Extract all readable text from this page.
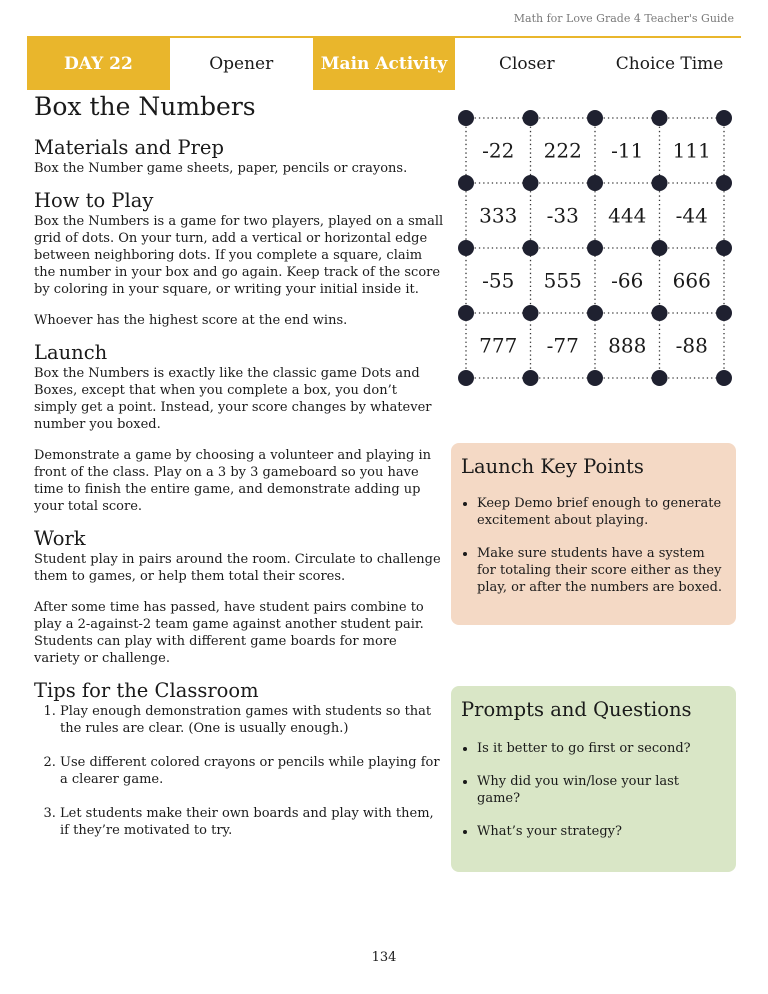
Math for Love Grade 4 Teacher's Guide
DAY 22	Opener	Main Activity	Closer	Choice Time
Box the Numbers
Materials and Prep

Box the Number game sheets, paper, pencils or crayons.

How to Play

Box the Numbers is a game for two players, played on a small grid of dots. On your turn, add a vertical or horizontal edge between neighboring dots. If you complete a square, claim the number in your box and go again. Keep track of the score by coloring in your square, or writing your initial inside it.

Whoever has the highest score at the end wins.

Launch

Box the Numbers is exactly like the classic game Dots and Boxes, except that when you complete a box, you don’t simply get a point. Instead, your score changes by whatever number you boxed.

Demonstrate a game by choosing a volunteer and playing in front of the class. Play on a 3 by 3 gameboard so you have time to finish the entire game, and demonstrate adding up your total score.

Work

Student play in pairs around the room. Circulate to challenge them to games, or help them total their scores.

After some time has passed, have student pairs combine to play a 2-against-2 team game against another student pair. Students can play with different game boards for more variety or challenge.

Tips for the Classroom
1. Play enough demonstration games with students so that the rules are clear. (One is usually enough.)
2. Use different colored crayons or pencils while playing for a clearer game.
3. Let students make their own boards and play with them, if they’re motivated to try.
-22 222 -11 111
333 -33 444 -44
-55 555 -66 666
777 -77 888 -88
Launch Key Points
• Keep Demo brief enough to generate excitement about playing.
• Make sure students have a system for totaling their score either as they play, or after the numbers are boxed.
Prompts and Questions
• Is it better to go first or second?
• Why did you win/lose your last game?
• What’s your strategy?
134
